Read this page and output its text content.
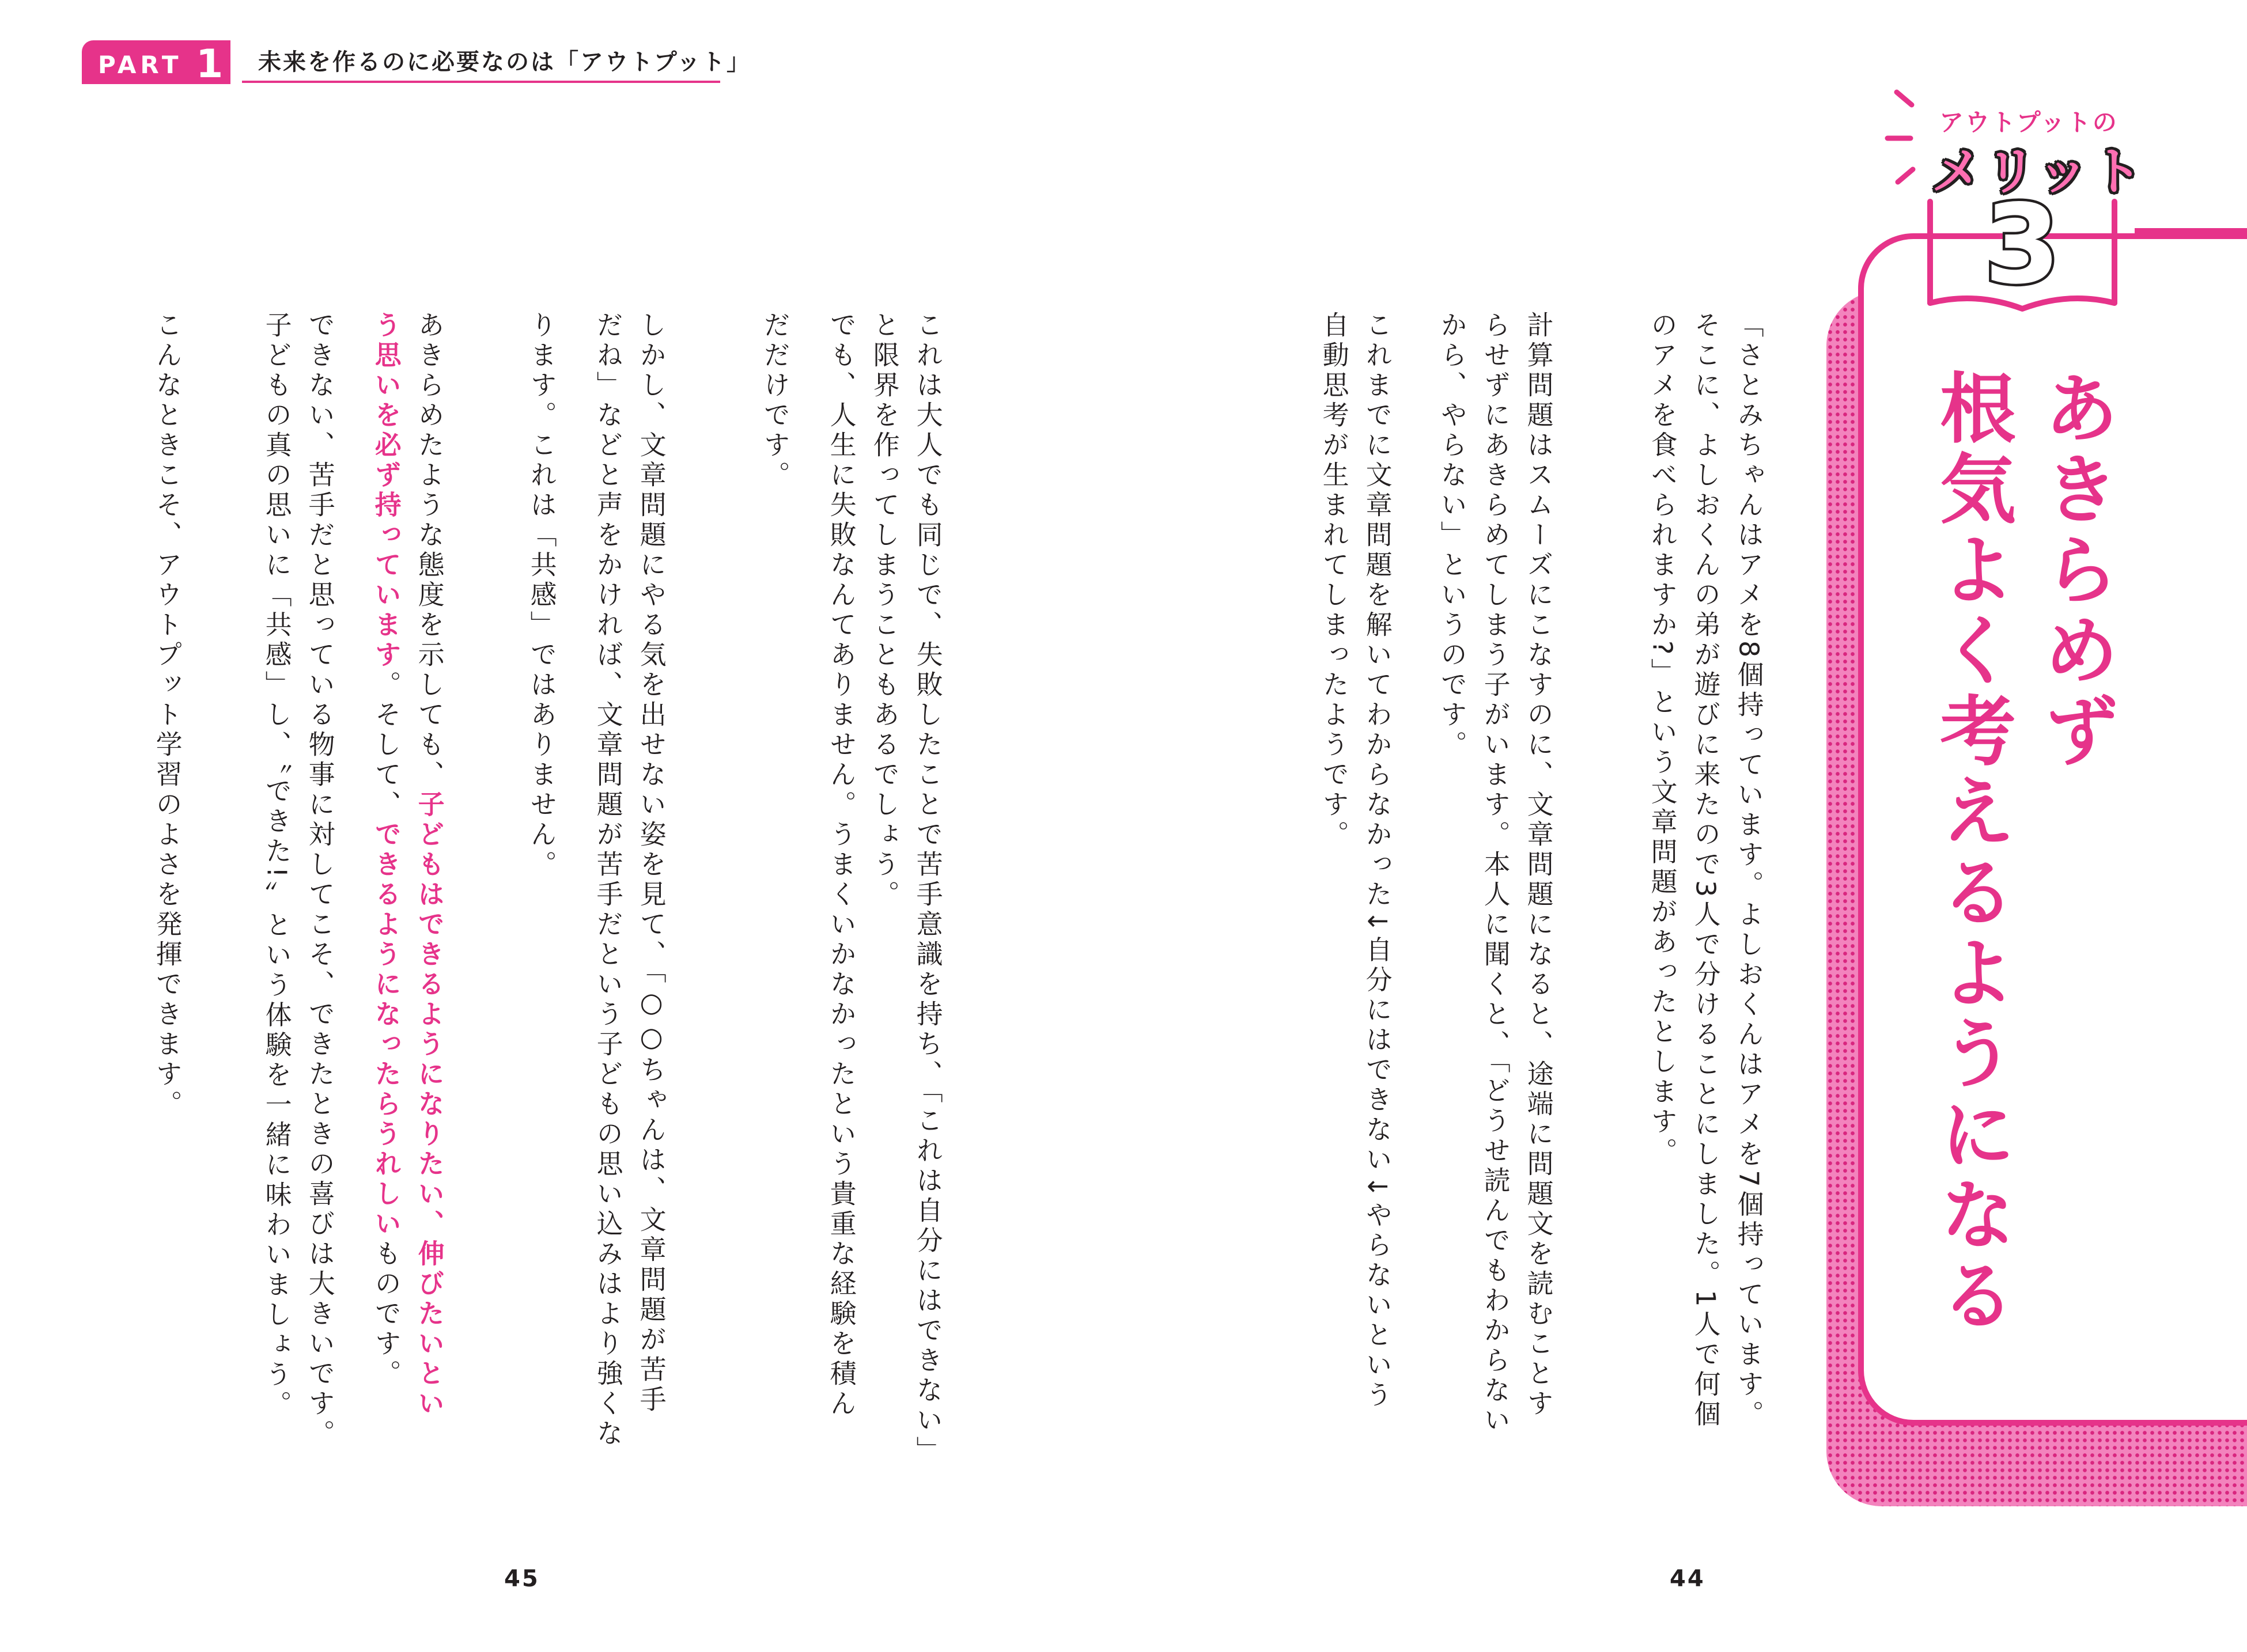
PART 1 未来を作るのに必要なのは「アウトプット」
あきらめず
根気よく考えるようになる
アウトプットの
メリット
3
「さとみちゃんはアメを8個持っています。よしおくんはアメを7個持っています。
そこに、よしおくんの弟が遊びに来たので3人で分けることにしました。1人で何個
のアメを食べられますか?」という文章問題があったとします。
計算問題はスムーズにこなすのに、文章問題になると、途端に問題文を読むことす
らせずにあきらめてしまう子がいます。本人に聞くと、「どうせ読んでもわからない
から、やらない」というのです。
これまでに文章問題を解いてわからなかった↓自分にはできない↓やらないという
自動思考が生まれてしまったようです。
これは大人でも同じで、失敗したことで苦手意識を持ち、「これは自分にはできない」
と限界を作ってしまうこともあるでしょう。
でも、人生に失敗なんてありません。うまくいかなかったという貴重な経験を積ん
だだけです。
しかし、文章問題にやる気を出せない姿を見て、「○○ちゃんは、文章問題が苦手
だね」などと声をかければ、文章問題が苦手だという子どもの思い込みはより強くな
ります。これは「共感」ではありません。
あきらめたような態度を示しても、子どもはできるようになりたい、伸びたいとい
う思いを必ず持っています。そして、できるようになったらうれしいものです。
できない、苦手だと思っている物事に対してこそ、できたときの喜びは大きいです。
子どもの真の思いに「共感」し、〝できた!〟という体験を一緒に味わいましょう。
こんなときこそ、アウトプット学習のよさを発揮できます。
45	44
